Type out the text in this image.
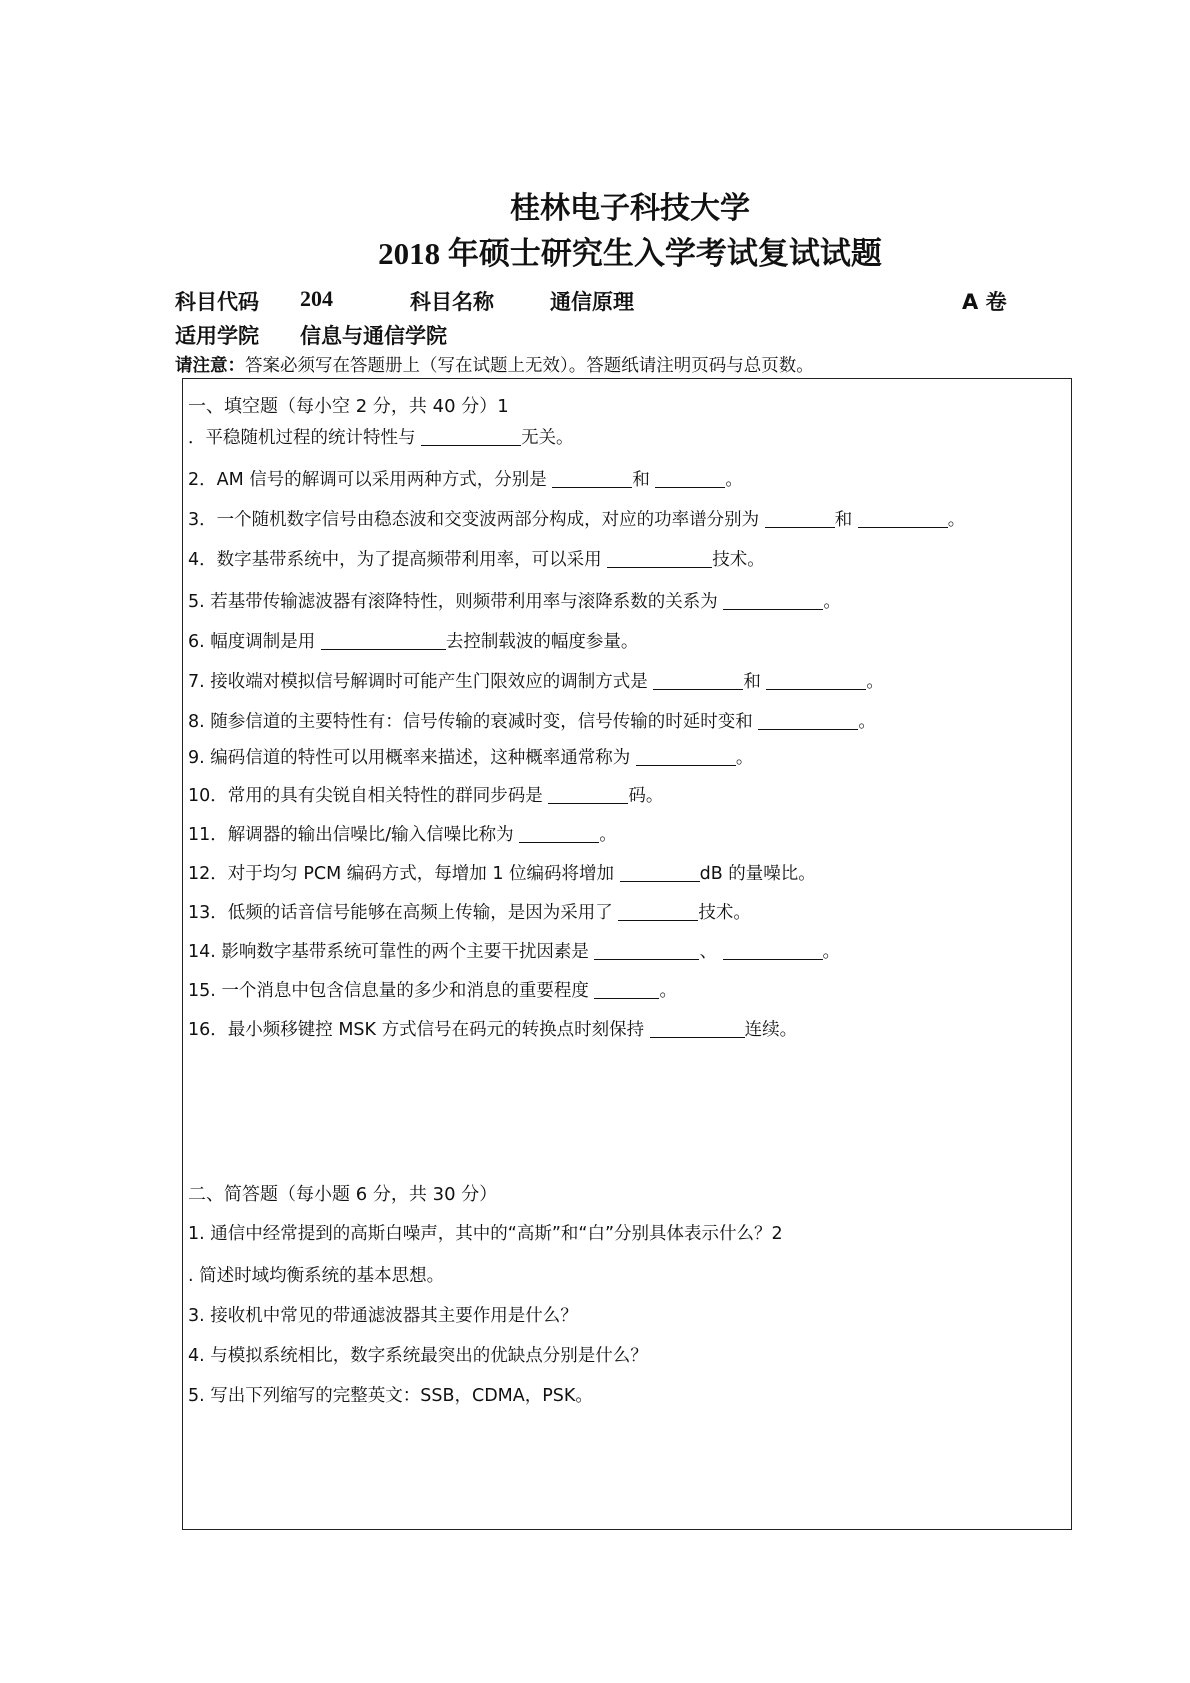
桂林电子科技大学
2018 年硕士研究生入学考试复试试题
科目代码 204	科目名称	通信原理	A 卷
适用学院 信息与通信学院
请注意：答案必须写在答题册上（写在试题上无效）。答题纸请注明页码与总页数。
一、填空题（每小空 2 分，共 40 分）1
．平稳随机过程的统计特性与	无关。
2．AM 信号的解调可以采用两种方式，分别是	和	。
3．一个随机数字信号由稳态波和交变波两部分构成，对应的功率谱分别为	和	。
4．数字基带系统中，为了提高频带利用率，可以采用	技术。
5. 若基带传输滤波器有滚降特性，则频带利用率与滚降系数的关系为	。
6. 幅度调制是用	去控制载波的幅度参量。
7. 接收端对模拟信号解调时可能产生门限效应的调制方式是	和	。
8. 随参信道的主要特性有：信号传输的衰减时变，信号传输的时延时变和	。
9. 编码信道的特性可以用概率来描述，这种概率通常称为	。
10．常用的具有尖锐自相关特性的群同步码是	码。
11．解调器的输出信噪比/输入信噪比称为	。
12．对于均匀 PCM 编码方式，每增加 1 位编码将增加	dB 的量噪比。
13．低频的话音信号能够在高频上传输，是因为采用了	技术。
14. 影响数字基带系统可靠性的两个主要干扰因素是	、	。
15. 一个消息中包含信息量的多少和消息的重要程度	。
16．最小频移键控 MSK 方式信号在码元的转换点时刻保持	连续。
二、简答题（每小题 6 分，共 30 分）
1. 通信中经常提到的高斯白噪声，其中的“高斯”和“白”分别具体表示什么？2
. 简述时域均衡系统的基本思想。
3. 接收机中常见的带通滤波器其主要作用是什么？
4. 与模拟系统相比，数字系统最突出的优缺点分别是什么？
5. 写出下列缩写的完整英文：SSB，CDMA，PSK。
